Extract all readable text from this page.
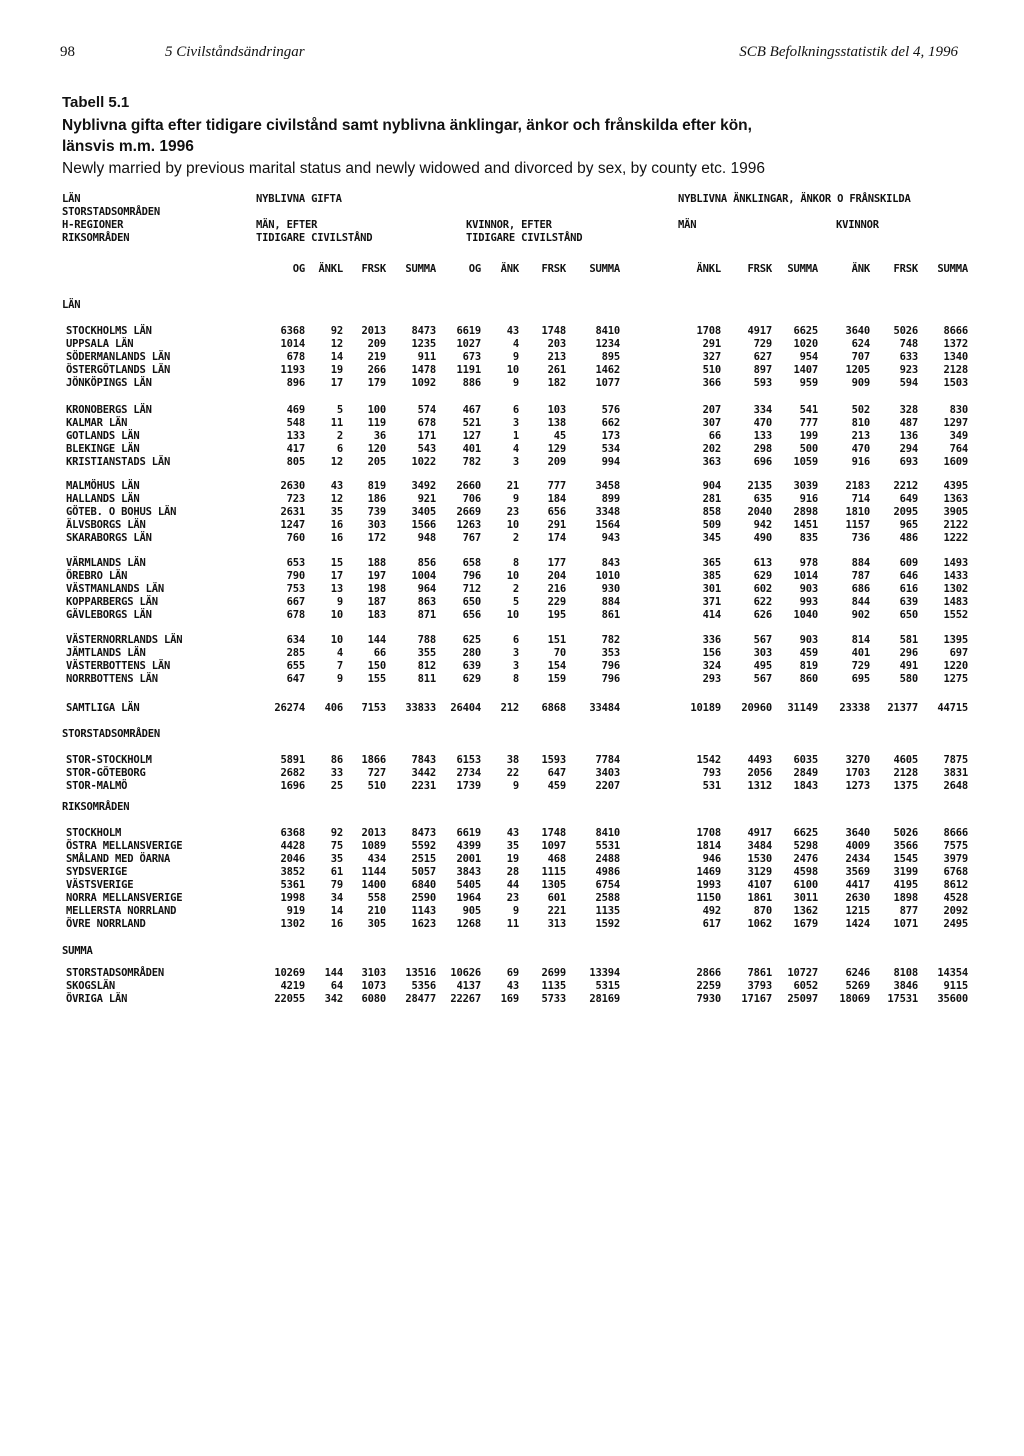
98	5 Civilståndsändringar	SCB Befolkningsstatistik del 4, 1996
Tabell 5.1
Nyblivna gifta efter tidigare civilstånd samt nyblivna änklingar, änkor och frånskilda efter kön,
länsvis m.m. 1996
Newly married by previous marital status and newly widowed and divorced by sex, by county etc. 1996
LÄN
STORSTADSOMRÅDEN
H-REGIONER
RIKSOMRÅDEN
NYBLIVNA GIFTA	NYBLIVNA ÄNKLINGAR, ÄNKOR O FRÅNSKILDA
MÄN, EFTER
TIDIGARE CIVILSTÅND
KVINNOR, EFTER
TIDIGARE CIVILSTÅND
MÄN	KVINNOR
OG ÄNKL FRSK SUMMA	OG ÄNK FRSK SUMMA	ÄNKL	FRSK SUMMA	ÄNK FRSK SUMMA
LÄN
STOCKHOLMS LÄN	6368 92 2013 8473 6619 43 1748	8410	1708	4917 6625	3640 5026 8666
UPPSALA LÄN	1014 12 209 1235 1027	4	203	1234	291	729 1020	624	748 1372
SÖDERMANLANDS LÄN	678 14 219	911	673	9	213	895	327	627	954	707	633 1340
ÖSTERGÖTLANDS LÄN	1193 19 266 1478 1191 10	261	1462	510	897 1407	1205	923 2128
JÖNKÖPINGS LÄN	896 17 179 1092	886	9	182	1077	366	593	959	909	594 1503
KRONOBERGS LÄN	469	5 100	574	467	6	103	576	207	334	541	502	328	830
KALMAR LÄN	548 11 119	678	521	3	138	662	307	470	777	810	487 1297
GOTLANDS LÄN	133	2	36	171	127	1	45	173	66	133	199	213	136	349
BLEKINGE LÄN	417	6 120	543	401	4	129	534	202	298	500	470	294	764
KRISTIANSTADS LÄN	805 12 205 1022	782	3	209	994	363	696 1059	916	693 1609
MALMÖHUS LÄN	2630 43 819 3492 2660 21	777	3458	904	2135 3039	2183 2212 4395
HALLANDS LÄN	723 12 186	921	706	9	184	899	281	635	916	714	649 1363
GÖTEB. O BOHUS LÄN	2631 35 739 3405 2669 23	656	3348	858	2040 2898	1810 2095 3905
ÄLVSBORGS LÄN	1247 16 303 1566 1263 10	291	1564	509	942 1451	1157	965 2122
SKARABORGS LÄN	760 16 172	948	767	2	174	943	345	490	835	736	486 1222
VÄRMLANDS LÄN	653 15 188	856	658	8	177	843	365	613	978	884	609 1493
ÖREBRO LÄN	790 17 197 1004	796 10	204	1010	385	629 1014	787	646 1433
VÄSTMANLANDS LÄN	753 13 198	964	712	2	216	930	301	602	903	686	616 1302
KOPPARBERGS LÄN	667	9 187	863	650	5	229	884	371	622	993	844	639 1483
GÄVLEBORGS LÄN	678 10 183	871	656 10	195	861	414	626 1040	902	650 1552
VÄSTERNORRLANDS LÄN	634 10 144	788	625	6	151	782	336	567	903	814	581 1395
JÄMTLANDS LÄN	285	4	66	355	280	3	70	353	156	303	459	401	296	697
VÄSTERBOTTENS LÄN	655	7 150	812	639	3	154	796	324	495	819	729	491 1220
NORRBOTTENS LÄN	647	9 155	811	629	8	159	796	293	567	860	695	580 1275
SAMTLIGA LÄN	26274 406 7153 33833 26404 212 6868 33484	10189 20960 31149 23338 21377 44715
STORSTADSOMRÅDEN
STOR-STOCKHOLM	5891 86 1866 7843 6153 38 1593	7784	1542	4493 6035	3270 4605 7875
STOR-GÖTEBORG	2682 33 727 3442 2734 22	647	3403	793	2056 2849	1703 2128 3831
STOR-MALMÖ	1696 25 510 2231 1739	9	459	2207	531	1312 1843	1273 1375 2648
RIKSOMRÅDEN
STOCKHOLM	6368 92 2013 8473 6619 43 1748	8410	1708	4917 6625	3640 5026 8666
ÖSTRA MELLANSVERIGE	4428 75 1089 5592 4399 35 1097	5531	1814	3484 5298	4009 3566 7575
SMÅLAND MED ÖARNA	2046 35 434 2515 2001 19	468	2488	946	1530 2476	2434 1545 3979
SYDSVERIGE	3852 61 1144 5057 3843 28 1115	4986	1469	3129 4598	3569 3199 6768
VÄSTSVERIGE	5361 79 1400 6840 5405 44 1305	6754	1993	4107 6100	4417 4195 8612
NORRA MELLANSVERIGE	1998 34 558 2590 1964 23	601	2588	1150	1861 3011	2630 1898 4528
MELLERSTA NORRLAND	919 14 210 1143	905	9	221	1135	492	870 1362	1215	877 2092
ÖVRE NORRLAND	1302 16 305 1623 1268 11	313	1592	617	1062 1679	1424 1071 2495
SUMMA
STORSTADSOMRÅDEN	10269 144 3103 13516 10626 69 2699 13394	2866	7861 10727	6246 8108 14354
SKOGSLÄN	4219 64 1073 5356 4137 43 1135	5315	2259	3793 6052	5269 3846 9115
ÖVRIGA LÄN	22055 342 6080 28477 22267 169 5733 28169	7930 17167 25097 18069 17531 35600
